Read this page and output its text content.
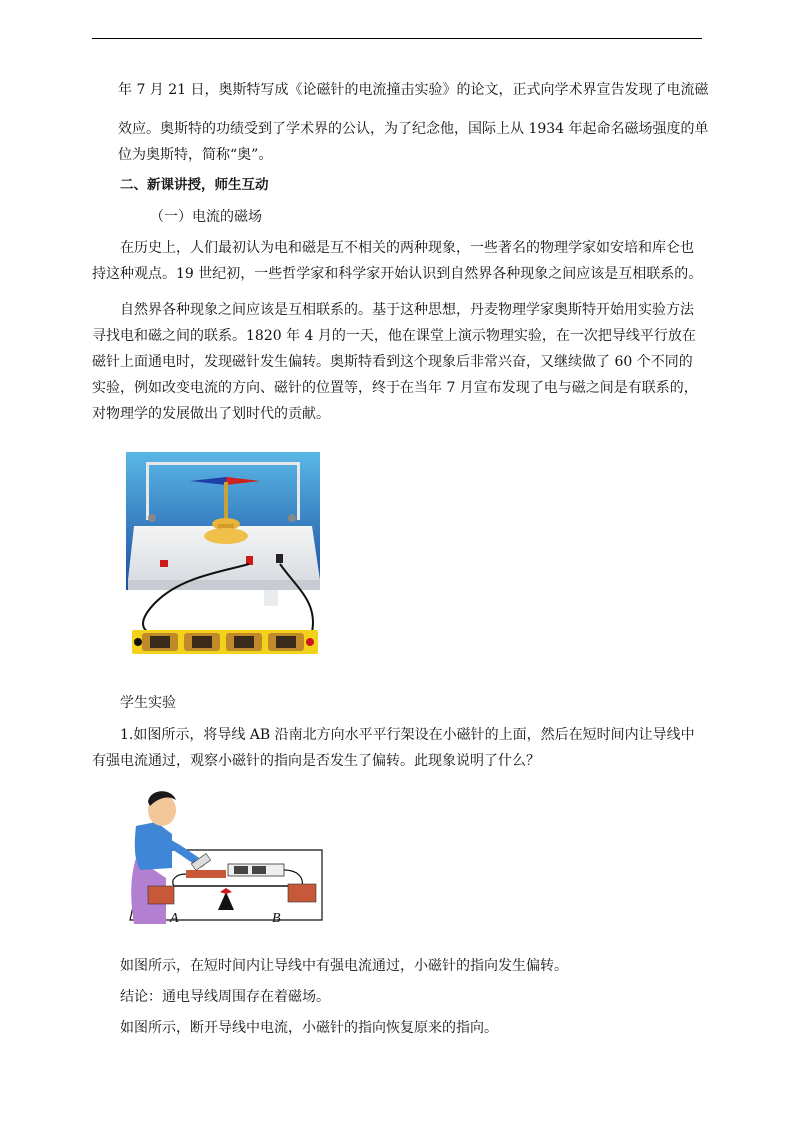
年 7 月 21 日，奥斯特写成《论磁针的电流撞击实验》的论文，正式向学术界宣告发现了电流磁

效应。奥斯特的功绩受到了学术界的公认，为了纪念他，国际上从 1934 年起命名磁场强度的单

位为奥斯特，简称“奥”。

二、新课讲授，师生互动

（一）电流的磁场

在历史上，人们最初认为电和磁是互不相关的两种现象，一些著名的物理学家如安培和库仑也持这种观点。19 世纪初，一些哲学家和科学家开始认识到自然界各种现象之间应该是互相联系的。

自然界各种现象之间应该是互相联系的。基于这种思想，丹麦物理学家奥斯特开始用实验方法寻找电和磁之间的联系。1820 年 4 月的一天，他在课堂上演示物理实验，在一次把导线平行放在磁针上面通电时，发现磁针发生偏转。奥斯特看到这个现象后非常兴奋，又继续做了 60 个不同的实验，例如改变电流的方向、磁针的位置等，终于在当年 7 月宣布发现了电与磁之间是有联系的，对物理学的发展做出了划时代的贡献。

学生实验

1.如图所示，将导线 AB 沿南北方向水平平行架设在小磁针的上面，然后在短时间内让导线中有强电流通过，观察小磁针的指向是否发生了偏转。此现象说明了什么？

A	B

如图所示，在短时间内让导线中有强电流通过，小磁针的指向发生偏转。

结论：通电导线周围存在着磁场。

如图所示，断开导线中电流，小磁针的指向恢复原来的指向。
